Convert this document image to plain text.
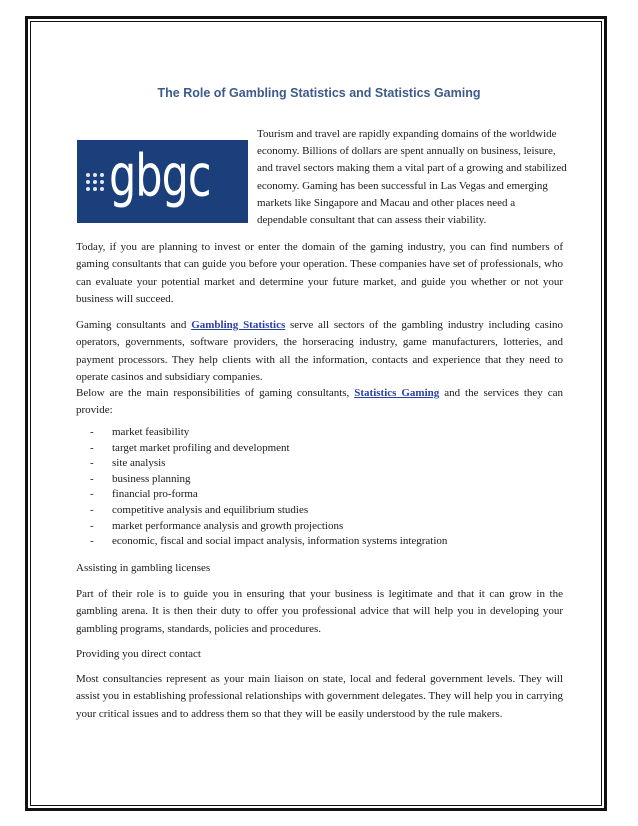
The Role of Gambling Statistics and Statistics Gaming
gbgc

Tourism and travel are rapidly expanding domains of the worldwide economy. Billions of dollars are spent annually on business, leisure, and travel sectors making them a vital part of a growing and stabilized economy. Gaming has been successful in Las Vegas and emerging markets like Singapore and Macau and other places need a dependable consultant that can assess their viability.

Today, if you are planning to invest or enter the domain of the gaming industry, you can find numbers of gaming consultants that can guide you before your operation. These companies have set of professionals, who can evaluate your potential market and determine your future market, and guide you whether or not your business will succeed.

Gaming consultants and Gambling Statistics serve all sectors of the gambling industry including casino operators, governments, software providers, the horseracing industry, game manufacturers, lotteries, and payment processors. They help clients with all the information, contacts and experience that they need to operate casinos and subsidiary companies.

Below are the main responsibilities of gaming consultants, Statistics Gaming and the services they can provide:

-	market feasibility
-	target market profiling and development
-	site analysis
-	business planning
-	financial pro-forma
-	competitive analysis and equilibrium studies
-	market performance analysis and growth projections
-	economic, fiscal and social impact analysis, information systems integration

Assisting in gambling licenses

Part of their role is to guide you in ensuring that your business is legitimate and that it can grow in the gambling arena. It is then their duty to offer you professional advice that will help you in developing your gambling programs, standards, policies and procedures.

Providing you direct contact

Most consultancies represent as your main liaison on state, local and federal government levels. They will assist you in establishing professional relationships with government delegates. They will help you in carrying your critical issues and to address them so that they will be easily understood by the rule makers.
